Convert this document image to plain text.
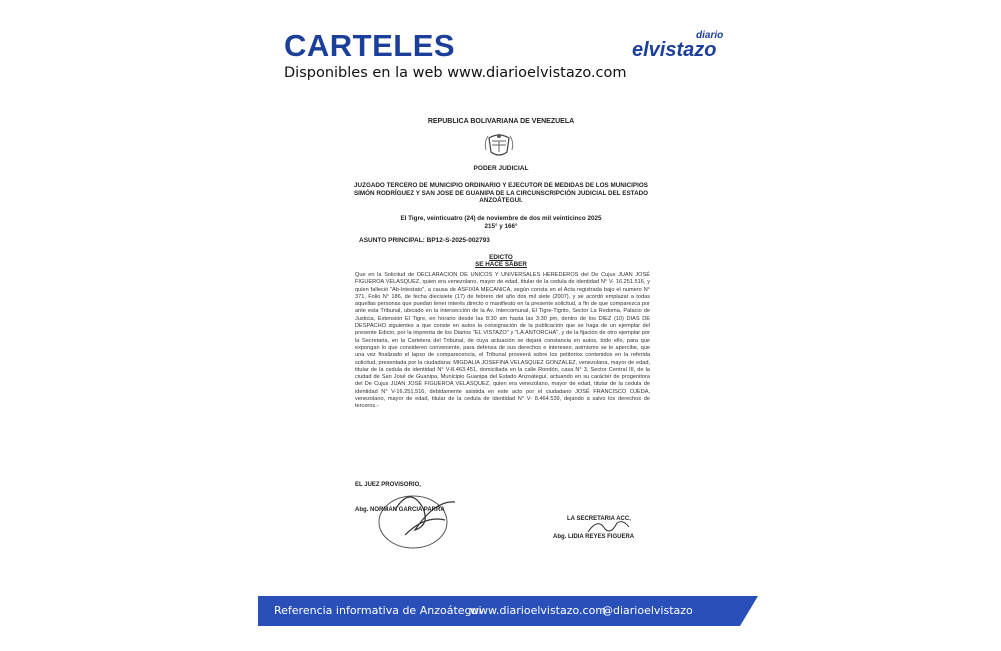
CARTELES
Disponibles en la web www.diarioelvistazo.com
elvistazo
diario
REPUBLICA BOLIVARIANA DE VENEZUELA
PODER JUDICIAL
JUZGADO TERCERO DE MUNICIPIO ORDINARIO Y EJECUTOR DE MEDIDAS DE LOS MUNICIPIOS SIMÓN RODRÍGUEZ Y SAN JOSE DE GUANIPA DE LA CIRCUNSCRIPCIÓN JUDICIAL DEL ESTADO ANZOÁTEGUI.
El Tigre, veinticuatro (24) de noviembre de dos mil veinticinco 2025
215° y 166°
ASUNTO PRINCIPAL: BP12-S-2025-002793
EDICTO
SE HACE SABER
Que en la Solicitud de DECLARACION DE UNICOS Y UNIVERSALES HEREDEROS del De Cujus JUAN JOSÉ FIGUEROA VELASQUEZ, quien era venezolano, mayor de edad, titular de la cedula de identidad N° V- 16.251.516, y quien falleció "Ab-Intestato", a causa de ASFIXIA MECANICA, según consta en el Acta registrada bajo el numero N° 371, Folio N° 186, de fecha diecisiete (17) de febrero del año dos mil siete (2007), y se acordó emplazar a todas aquellas personas que puedan tener interés directo o manifiesto en la presente solicitud, a fin de que comparezca por ante esta Tribunal, ubicado en la intersección de la Av. Intercomunal, El Tigre-Tigrito, Sector La Redoma, Palacio de Justicia, Extensión El Tigre, en horario desde las 8:30 am hasta las 3:30 pm, dentro de los DIEZ (10) DIAS DE DESPACHO siguientes a que conste en autos la consignación de la publicación que se haga de un ejemplar del presente Edicto, por la imprenta de los Diarios "EL VISTAZO" y "LA ANTORCHA", y de la fijación de otro ejemplar por la Secretaria, en la Cartelera del Tribunal, de cuya actuación se dejará constancia en autos, todo ello, para que expongan lo que consideren conveniente, para defensa de sus derechos e intereses; asimismo se le apercibe, que una vez finalizado el lapso de comparecencia, el Tribunal proveerá sobre los petitorios contenidos en la referida solicitud, presentada por la ciudadana: MIGDALIA JOSEFINA VELASQUEZ GONZALEZ, venezolana, mayor de edad, titular de la cedula de identidad N° V-8.463.451, domiciliada en la calle Rondón, casa N° 3, Sector Central III, de la ciudad de San José de Guanipa, Municipio Guanipa del Estado Anzoátegui, actuando en su carácter de progenitora del De Cujus JUAN JOSÉ FIGUEROA VELASQUEZ, quien era venezolano, mayor de edad, titular de la cedula de identidad N° V-16.251.516, debidamente asistida en este acto por el ciudadano JOSÉ FRANCISCO OJEDA, venezolano, mayor de edad, titular de la cedula de identidad N° V- 8.464.539, dejando a salvo los derechos de terceros.-
EL JUEZ PROVISORIO,
Abg. NORMAN GARCIA PARRA
LA SECRETARIA ACC,
Abg. LIDIA REYES FIGUERA
Referencia informativa de Anzoátegui
www.diarioelvistazo.com
@diarioelvistazo
